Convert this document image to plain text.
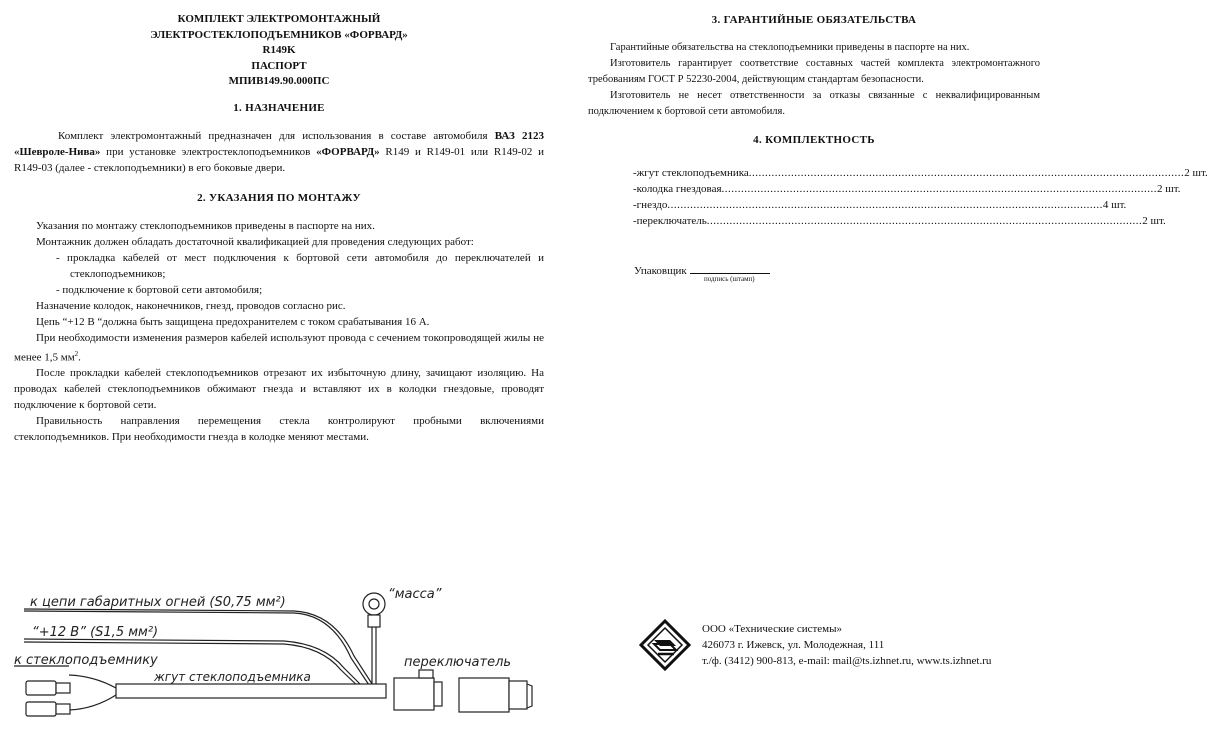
КОМПЛЕКТ ЭЛЕКТРОМОНТАЖНЫЙ
ЭЛЕКТРОСТЕКЛОПОДЪЕМНИКОВ «ФОРВАРД»
R149K
ПАСПОРТ
МПИВ149.90.000ПС
1. НАЗНАЧЕНИЕ

Комплект электромонтажный предназначен для использования в составе автомобиля ВАЗ 2123 «Шевроле-Нива» при установке электростеклоподъемников «ФОРВАРД» R149 и R149-01 или R149-02 и R149-03 (далее - стеклоподъемники) в его боковые двери.

2. УКАЗАНИЯ ПО МОНТАЖУ

Указания по монтажу стеклоподъемников приведены в паспорте на них.

Монтажник должен обладать достаточной квалификацией для проведения следующих работ:

- прокладка кабелей от мест подключения к бортовой сети автомобиля до переключателей и стеклоподъемников;

- подключение к бортовой сети автомобиля;

Назначение колодок, наконечников, гнезд, проводов согласно рис.

Цепь “+12 В “должна быть защищена предохранителем с током срабатывания 16 А.

При необходимости изменения размеров кабелей используют провода с сечением токопроводящей жилы не менее 1,5 $мм^2$.

После прокладки кабелей стеклоподъемников отрезают их избыточную длину, зачищают изоляцию. На проводах кабелей стеклоподъемников обжимают гнезда и вставляют их в колодки гнездовые, проводят подключение к бортовой сети.

Правильность направления перемещения стекла контролируют пробными включениями стеклоподъемников. При необходимости гнезда в колодке меняют местами.

3. ГАРАНТИЙНЫЕ ОБЯЗАТЕЛЬСТВА

Гарантийные обязательства на стеклоподъемники приведены в паспорте на них.

Изготовитель гарантирует соответствие составных частей комплекта электромонтажного требованиям ГОСТ Р 52230-2004, действующим стандартам безопасности.

Изготовитель не несет ответственности за отказы связанные с неквалифицированным подключением к бортовой сети автомобиля.

4. КОМПЛЕКТНОСТЬ
- жгут стеклоподъемника ...................................................................................................................................... 2 шт.
- колодка гнездовая ...................................................................................................................................... 2 шт.
- гнездо ...................................................................................................................................... 4 шт.
- переключатель ...................................................................................................................................... 2 шт.
Упаковщик
подпись (штамп)
ООО «Технические системы»
426073 г. Ижевск, ул. Молодежная, 111
т./ф. (3412) 900-813, e-mail: mail@ts.izhnet.ru, www.ts.izhnet.ru
к цепи габаритных огней (S0,75 мм²)
“+12 В” (S1,5 мм²)
к стеклоподъемнику
“масса”
переключатель
жгут стеклоподъемника
